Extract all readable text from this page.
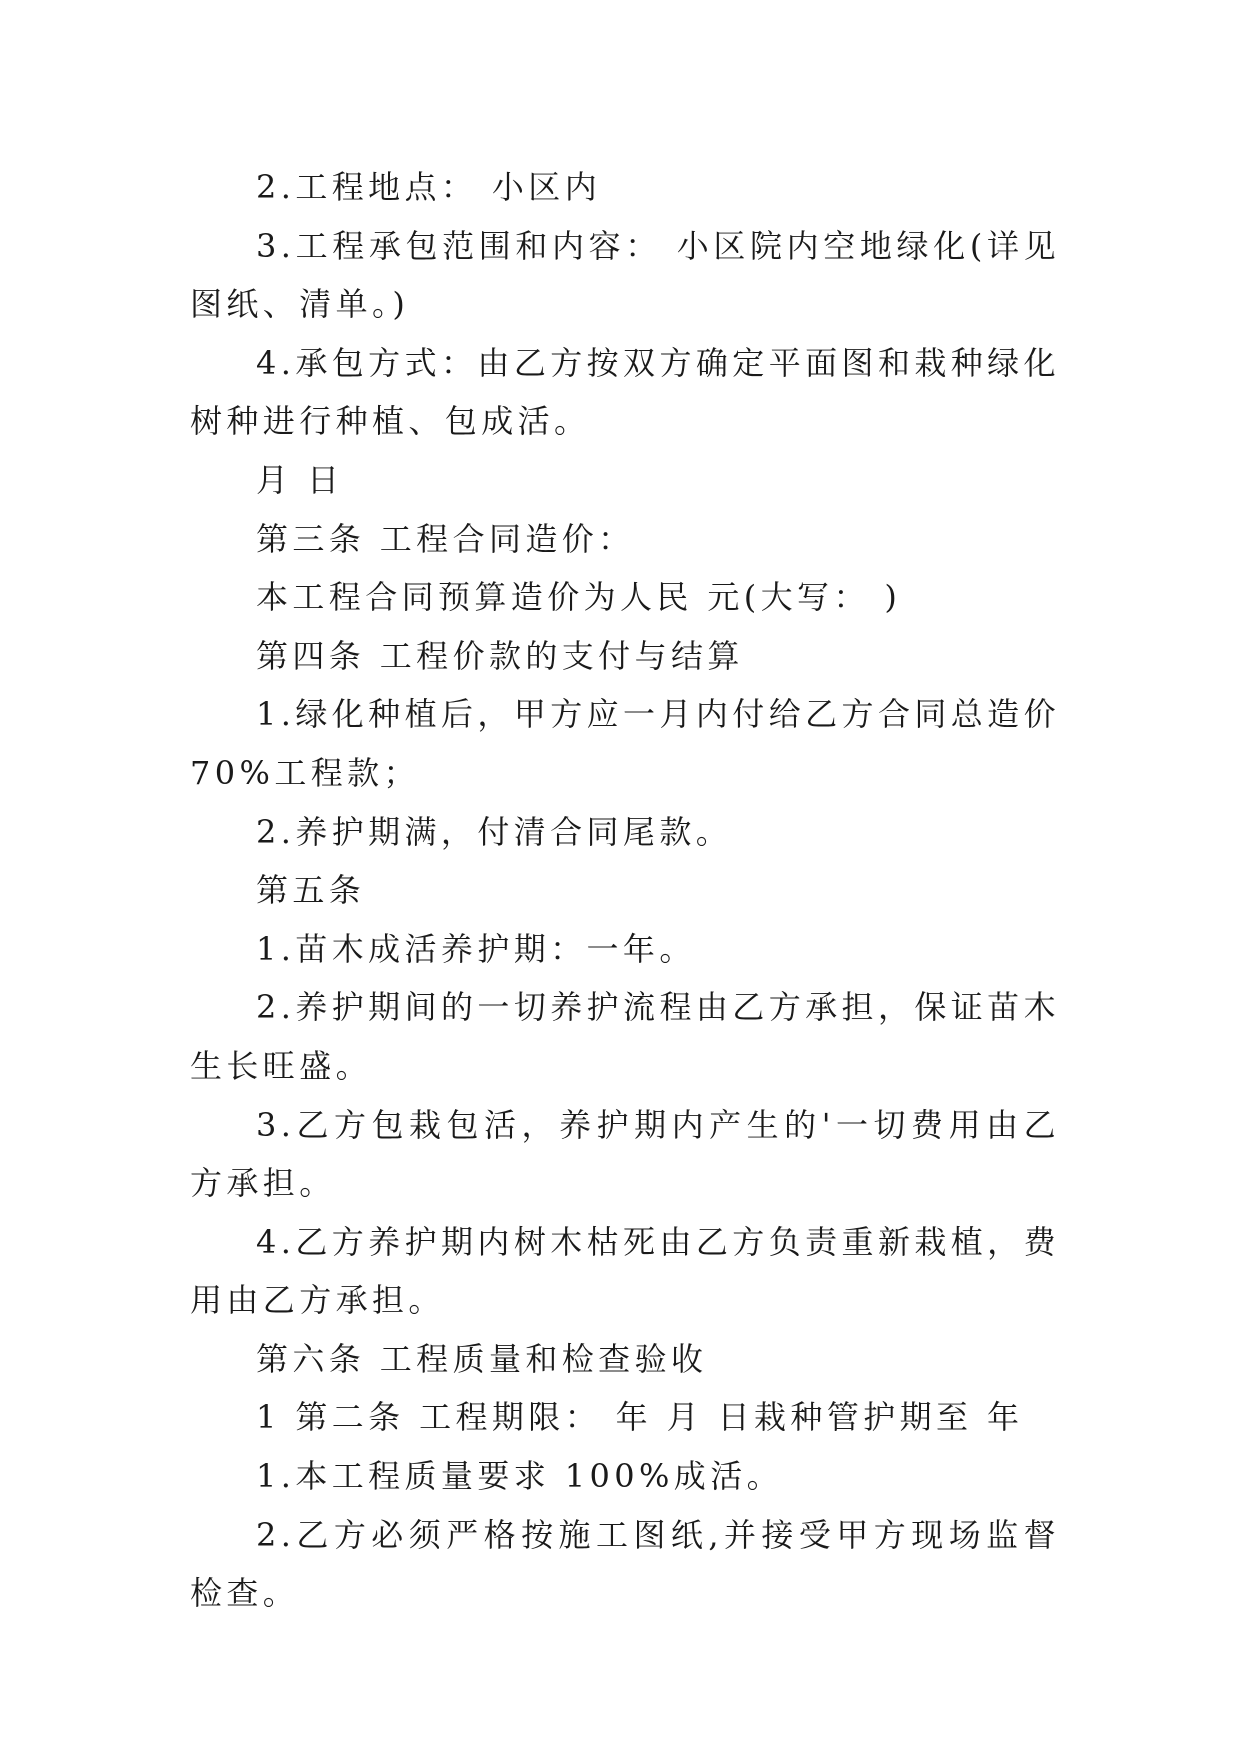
2.工程地点： 小区内

3.工程承包范围和内容： 小区院内空地绿化(详见图纸、清单。)

4.承包方式：由乙方按双方确定平面图和栽种绿化树种进行种植、包成活。

月 日

第三条 工程合同造价：

本工程合同预算造价为人民 元(大写： )

第四条 工程价款的支付与结算

1.绿化种植后，甲方应一月内付给乙方合同总造价 70%工程款；

2.养护期满，付清合同尾款。

第五条

1.苗木成活养护期：一年。

2.养护期间的一切养护流程由乙方承担，保证苗木生长旺盛。

3.乙方包栽包活，养护期内产生的'一切费用由乙方承担。

4.乙方养护期内树木枯死由乙方负责重新栽植，费用由乙方承担。

第六条 工程质量和检查验收

1 第二条 工程期限： 年 月 日栽种管护期至 年

1.本工程质量要求 100%成活。

2.乙方必须严格按施工图纸,并接受甲方现场监督检查。
